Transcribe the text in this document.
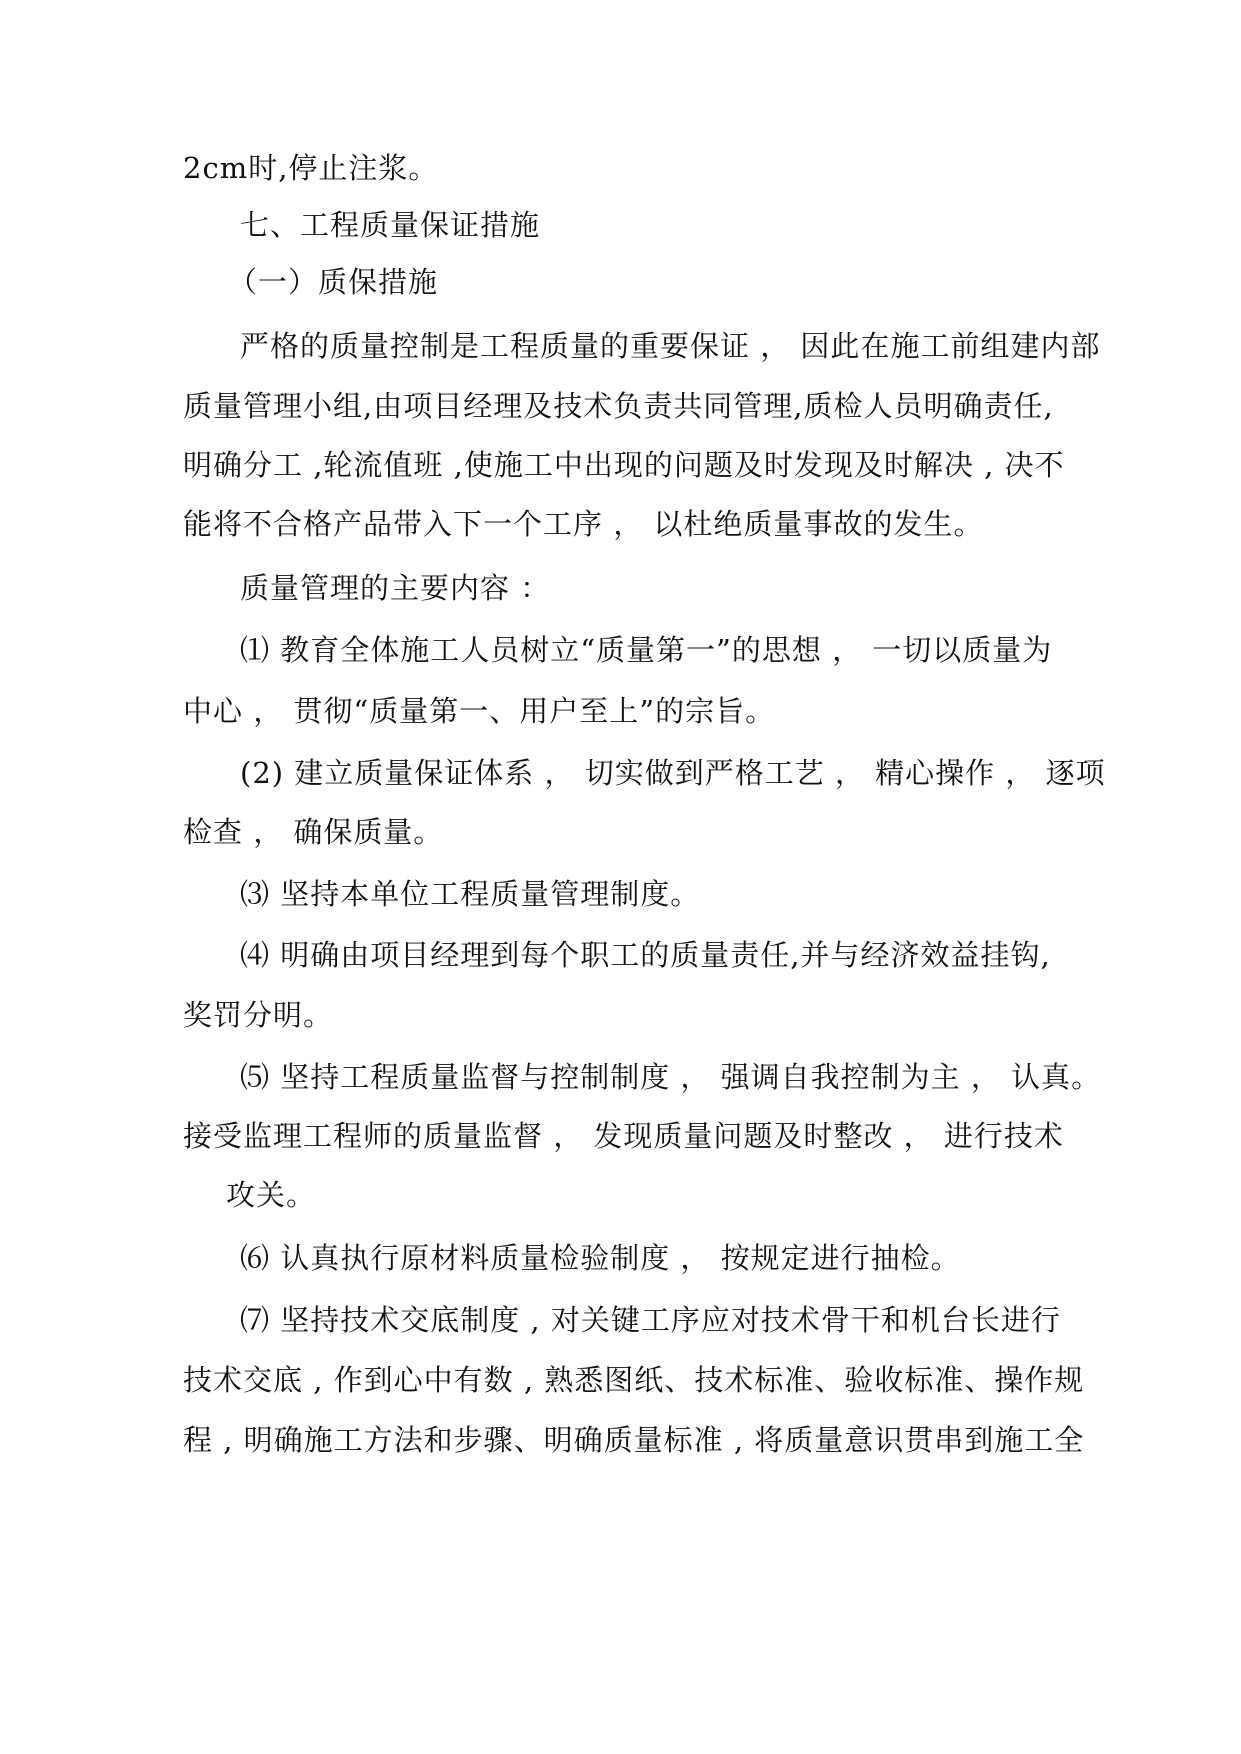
2cm时,停止注浆。
七、工程质量保证措施
（一）质保措施
严格的质量控制是工程质量的重要保证 ， 因此在施工前组建内部
质量管理小组,由项目经理及技术负责共同管理,质检人员明确责任,
明确分工 ,轮流值班 ,使施工中出现的问题及时发现及时解决 , 决不
能将不合格产品带入下一个工序 ， 以杜绝质量事故的发生。
质量管理的主要内容 ：
⑴ 教育全体施工人员树立“质量第一”的思想 ， 一切以质量为
中心 ， 贯彻“质量第一、用户至上”的宗旨。
(2) 建立质量保证体系 ， 切实做到严格工艺 ， 精心操作 ， 逐项
检查 ， 确保质量。
⑶ 坚持本单位工程质量管理制度。
⑷ 明确由项目经理到每个职工的质量责任,并与经济效益挂钩,
奖罚分明。
⑸ 坚持工程质量监督与控制制度 ， 强调自我控制为主 ， 认真。
接受监理工程师的质量监督 ， 发现质量问题及时整改 ， 进行技术
攻关。
⑹ 认真执行原材料质量检验制度 ， 按规定进行抽检。
⑺ 坚持技术交底制度 , 对关键工序应对技术骨干和机台长进行
技术交底 , 作到心中有数 , 熟悉图纸、技术标准、验收标准、操作规
程 , 明确施工方法和步骤、明确质量标准 , 将质量意识贯串到施工全
